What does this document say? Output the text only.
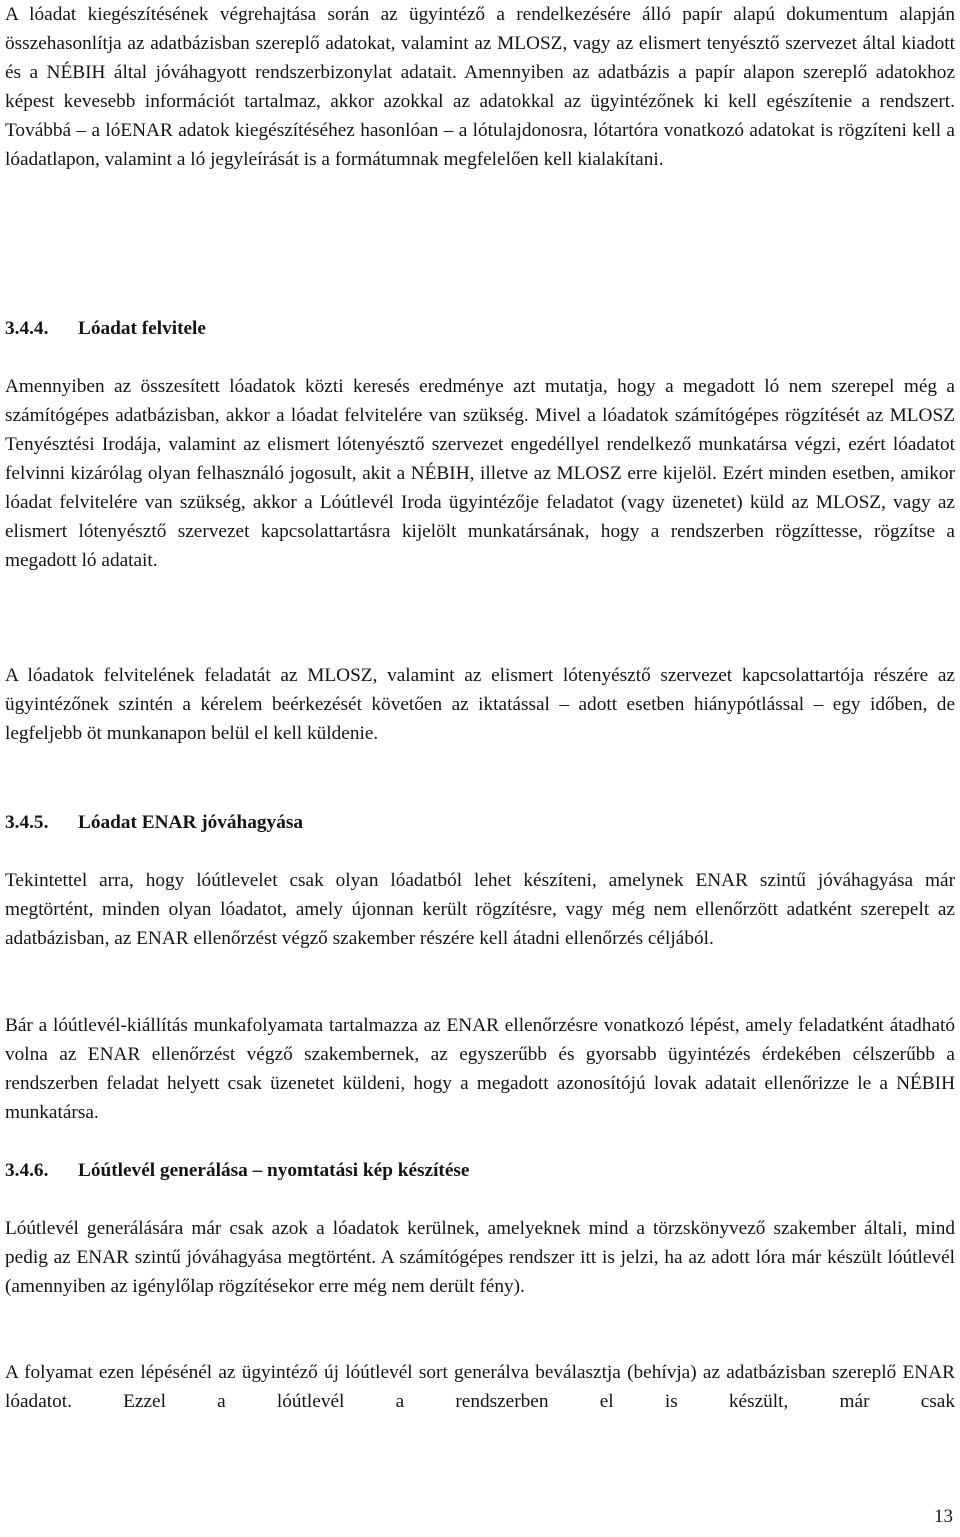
A lóadat kiegészítésének végrehajtása során az ügyintéző a rendelkezésére álló papír alapú dokumentum alapján összehasonlítja az adatbázisban szereplő adatokat, valamint az MLOSZ, vagy az elismert tenyésztő szervezet által kiadott és a NÉBIH által jóváhagyott rendszerbizonylat adatait. Amennyiben az adatbázis a papír alapon szereplő adatokhoz képest kevesebb információt tartalmaz, akkor azokkal az adatokkal az ügyintézőnek ki kell egészítenie a rendszert. Továbbá – a lóENAR adatok kiegészítéséhez hasonlóan – a lótulajdonosra, lótartóra vonatkozó adatokat is rögzíteni kell a lóadatlapon, valamint a ló jegyleírását is a formátumnak megfelelően kell kialakítani.

3.4.4. Lóadat felvitele

Amennyiben az összesített lóadatok közti keresés eredménye azt mutatja, hogy a megadott ló nem szerepel még a számítógépes adatbázisban, akkor a lóadat felvitelére van szükség. Mivel a lóadatok számítógépes rögzítését az MLOSZ Tenyésztési Irodája, valamint az elismert lótenyésztő szervezet engedéllyel rendelkező munkatársa végzi, ezért lóadatot felvinni kizárólag olyan felhasználó jogosult, akit a NÉBIH, illetve az MLOSZ erre kijelöl. Ezért minden esetben, amikor lóadat felvitelére van szükség, akkor a Lóútlevél Iroda ügyintézője feladatot (vagy üzenetet) küld az MLOSZ, vagy az elismert lótenyésztő szervezet kapcsolattartásra kijelölt munkatársának, hogy a rendszerben rögzíttesse, rögzítse a megadott ló adatait.

A lóadatok felvitelének feladatát az MLOSZ, valamint az elismert lótenyésztő szervezet kapcsolattartója részére az ügyintézőnek szintén a kérelem beérkezését követően az iktatással – adott esetben hiánypótlással – egy időben, de legfeljebb öt munkanapon belül el kell küldenie.

3.4.5. Lóadat ENAR jóváhagyása

Tekintettel arra, hogy lóútlevelet csak olyan lóadatból lehet készíteni, amelynek ENAR szintű jóváhagyása már megtörtént, minden olyan lóadatot, amely újonnan került rögzítésre, vagy még nem ellenőrzött adatként szerepelt az adatbázisban, az ENAR ellenőrzést végző szakember részére kell átadni ellenőrzés céljából.

Bár a lóútlevél-kiállítás munkafolyamata tartalmazza az ENAR ellenőrzésre vonatkozó lépést, amely feladatként átadható volna az ENAR ellenőrzést végző szakembernek, az egyszerűbb és gyorsabb ügyintézés érdekében célszerűbb a rendszerben feladat helyett csak üzenetet küldeni, hogy a megadott azonosítójú lovak adatait ellenőrizze le a NÉBIH munkatársa.

3.4.6. Lóútlevél generálása – nyomtatási kép készítése

Lóútlevél generálására már csak azok a lóadatok kerülnek, amelyeknek mind a törzskönyvező szakember általi, mind pedig az ENAR szintű jóváhagyása megtörtént. A számítógépes rendszer itt is jelzi, ha az adott lóra már készült lóútlevél (amennyiben az igénylőlap rögzítésekor erre még nem derült fény).

A folyamat ezen lépésénél az ügyintéző új lóútlevél sort generálva beválasztja (behívja) az adatbázisban szereplő ENAR lóadatot. Ezzel a lóútlevél a rendszerben el is készült, már csak

13
